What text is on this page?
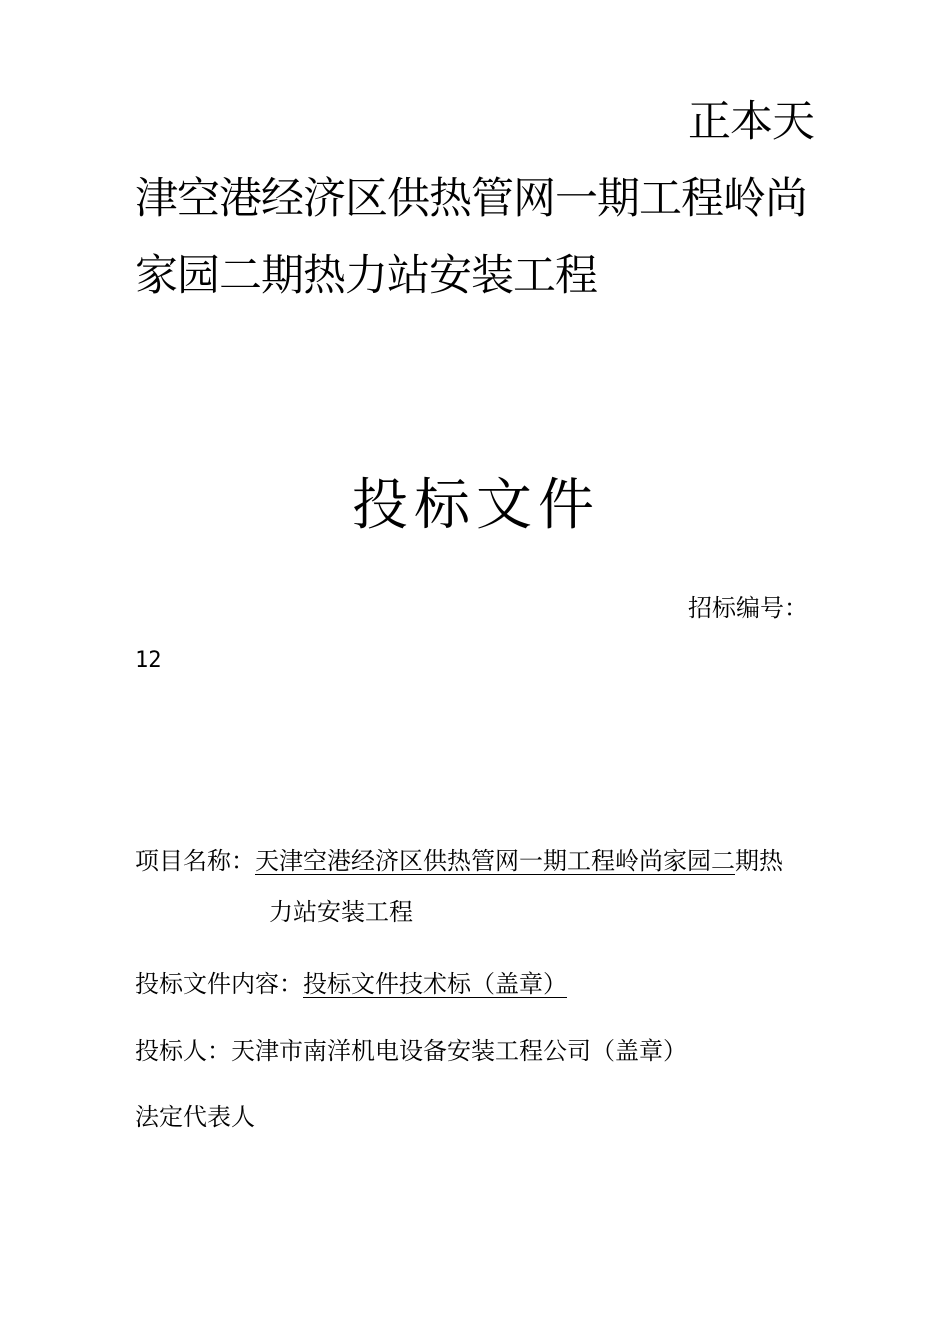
正本天
津空港经济区供热管网一期工程岭尚
家园二期热力站安装工程
投标文件
招标编号：
12
项目名称：天津空港经济区供热管网一期工程岭尚家园二期热
力站安装工程
投标文件内容：投标文件技术标（盖章）
投标人：天津市南洋机电设备安装工程公司（盖章）
法定代表人
